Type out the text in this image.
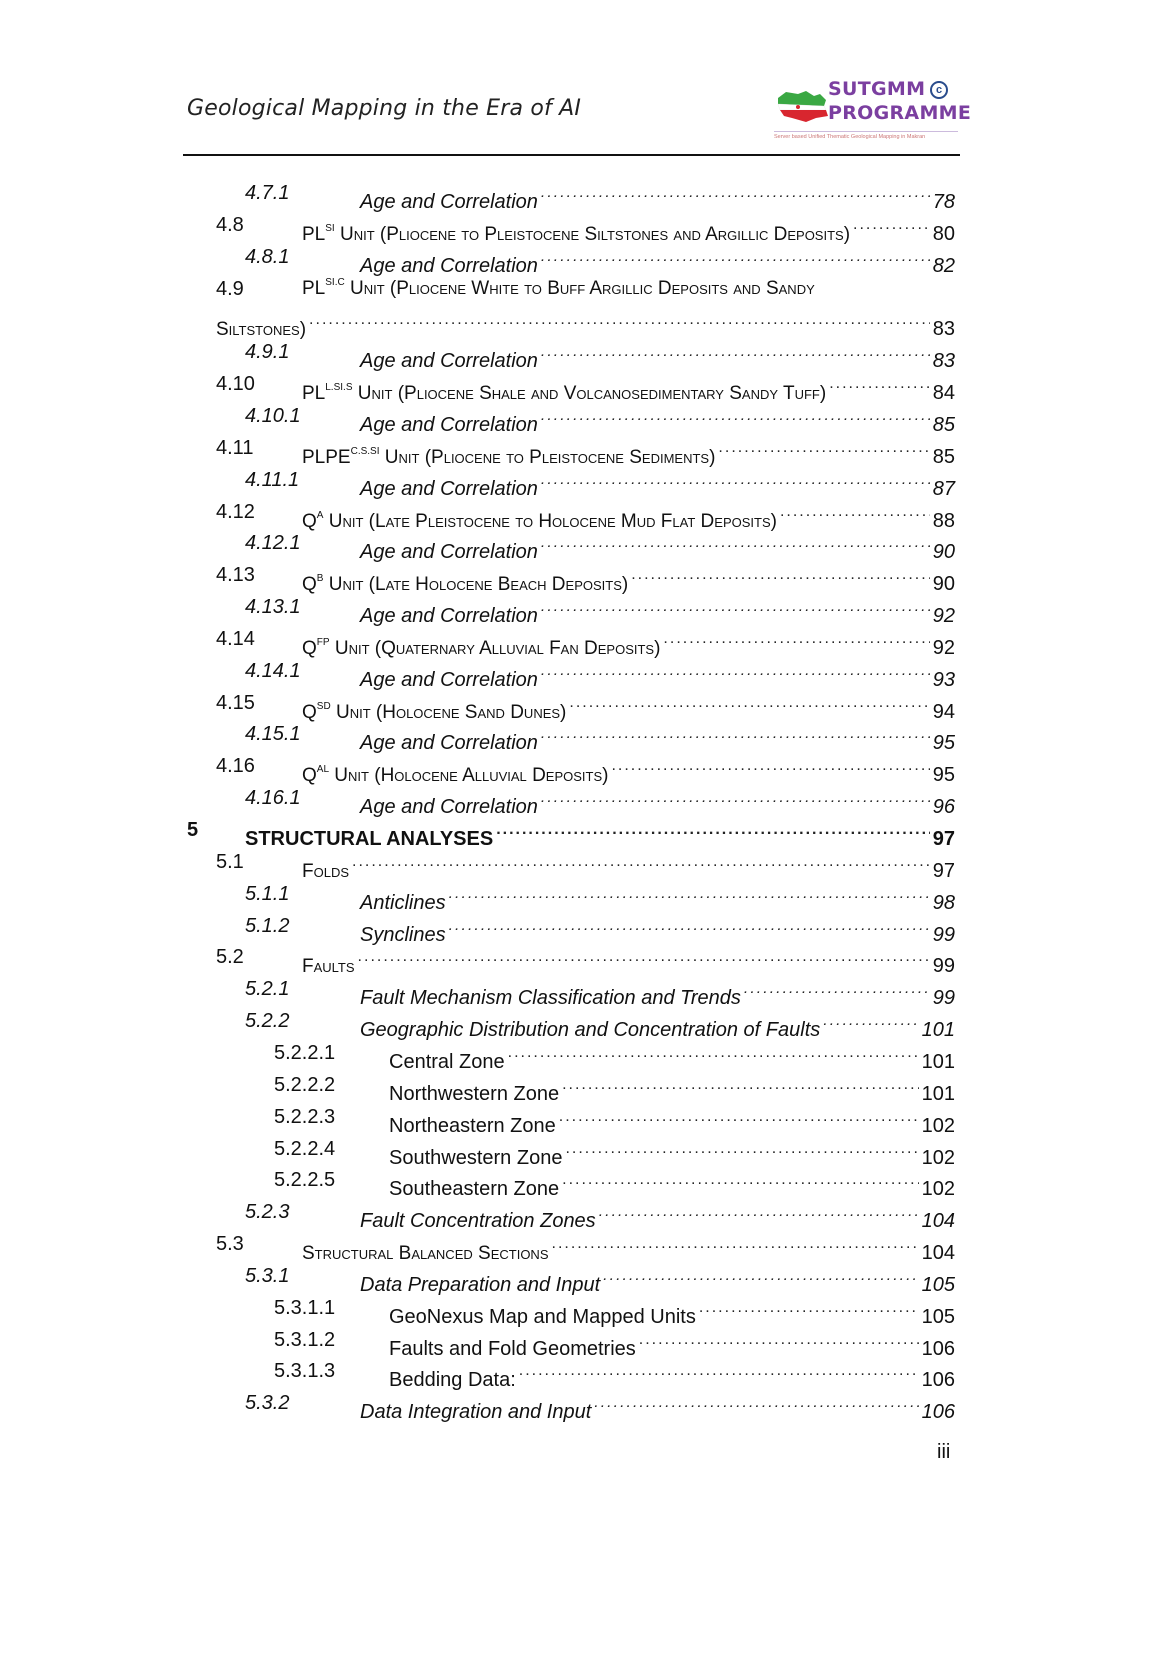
Geological Mapping in the Era of AI
SUTGMM c
PROGRAMME
Server based Unified Thematic Geological Mapping in Makran
4.7.1	Age and Correlation .....	78
4.8	$PL^{SI}$ Unit (Pliocene to Pleistocene Siltstones and Argillic Deposits) .....	80
4.8.1	Age and Correlation .....	82
4.9	$PL^{SI.C}$ Unit (Pliocene White to Buff Argillic Deposits and Sandy
Siltstones) .....	83
4.9.1	Age and Correlation .....	83
4.10 $PL^{L.SI.S}$ Unit (Pliocene Shale and Volcanosedimentary Sandy Tuff) .....	84
4.10.1	Age and Correlation .....	85
4.11	$PLPE^{C.S.SI}$ Unit (Pliocene to Pleistocene Sediments) .....	85
4.11.1	Age and Correlation .....	87
4.12 $Q^A$ Unit (Late Pleistocene to Holocene Mud Flat Deposits) .....	88
4.12.1	Age and Correlation .....	90
4.13 $Q^B$ Unit (Late Holocene Beach Deposits) .....	90
4.13.1	Age and Correlation .....	92
4.14 $Q^{FP}$ Unit (Quaternary Alluvial Fan Deposits) .....	92
4.14.1	Age and Correlation .....	93
4.15 $Q^{SD}$ Unit (Holocene Sand Dunes) .....	94
4.15.1	Age and Correlation .....	95
4.16 $Q^{AL}$ Unit (Holocene Alluvial Deposits) .....	95
4.16.1	Age and Correlation .....	96
5 STRUCTURAL ANALYSES .....	97
5.1	Folds .....	97
5.1.1	Anticlines .....	98
5.1.2	Synclines .....	99
5.2	Faults .....	99
5.2.1	Fault Mechanism Classification and Trends .....	99
5.2.2	Geographic Distribution and Concentration of Faults .....	101
5.2.2.1	Central Zone .....	101
5.2.2.2	Northwestern Zone .....	101
5.2.2.3	Northeastern Zone .....	102
5.2.2.4	Southwestern Zone .....	102
5.2.2.5	Southeastern Zone .....	102
5.2.3	Fault Concentration Zones .....	104
5.3	Structural Balanced Sections .....	104
5.3.1	Data Preparation and Input .....	105
5.3.1.1	GeoNexus Map and Mapped Units .....	105
5.3.1.2	Faults and Fold Geometries .....	106
5.3.1.3	Bedding Data: .....	106
5.3.2	Data Integration and Input .....	106
iii
